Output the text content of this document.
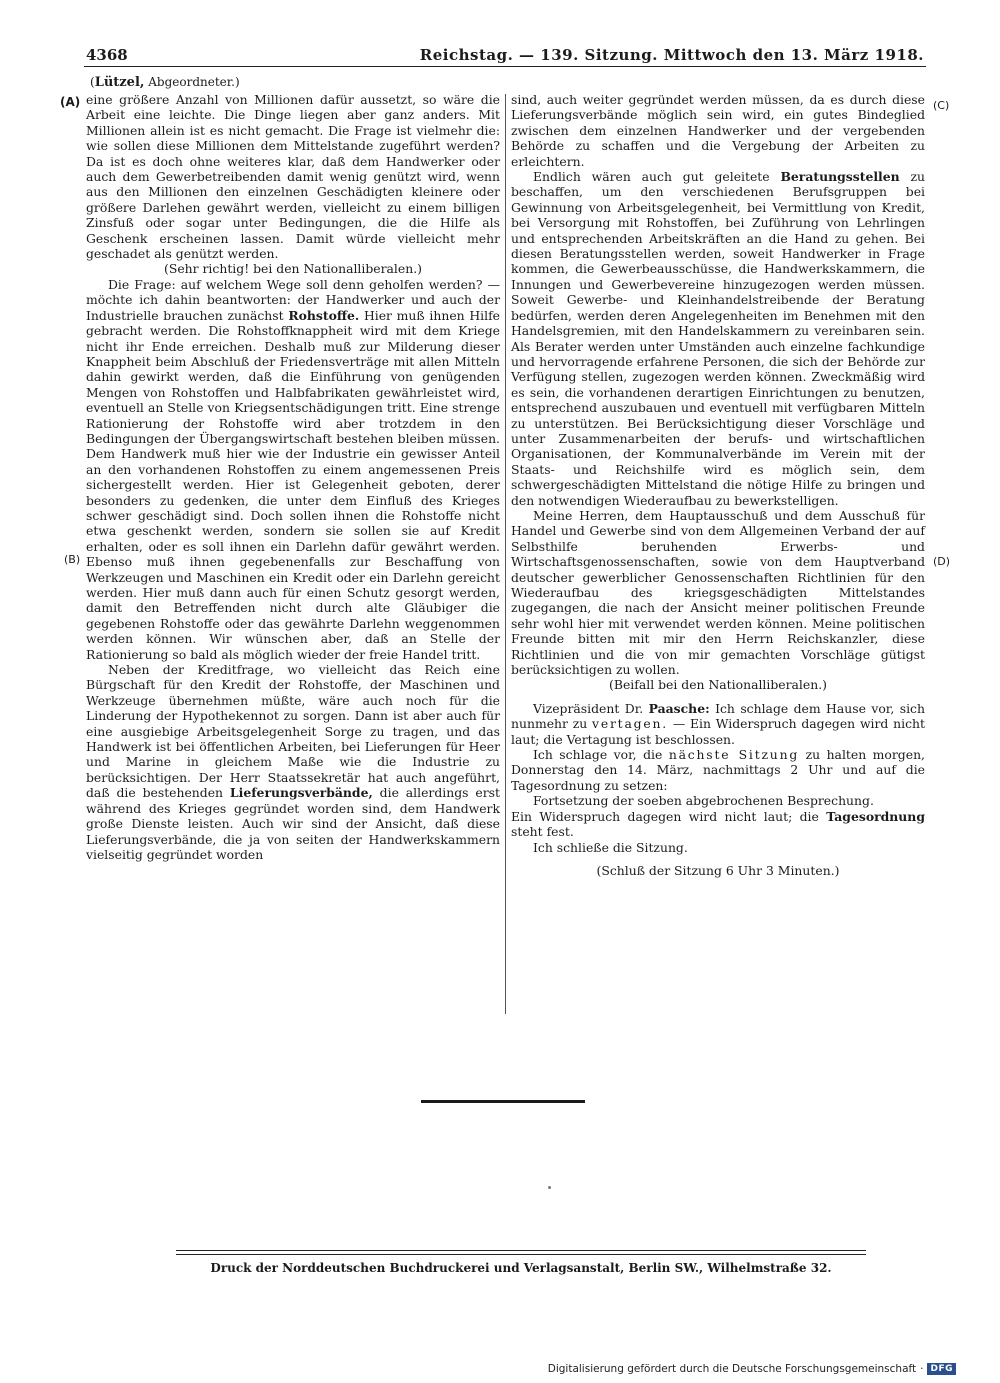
4368	Reichstag. — 139. Sitzung. Mittwoch den 13. März 1918.
(Lützel, Abgeordneter.)
(A)
(B)
(C)
(D)

eine größere Anzahl von Millionen dafür aussetzt, so wäre die Arbeit eine leichte. Die Dinge liegen aber ganz anders. Mit Millionen allein ist es nicht gemacht. Die Frage ist vielmehr die: wie sollen diese Millionen dem Mittelstande zugeführt werden? Da ist es doch ohne weiteres klar, daß dem Handwerker oder auch dem Gewerbetreibenden damit wenig genützt wird, wenn aus den Millionen den einzelnen Geschädigten kleinere oder größere Darlehen gewährt werden, vielleicht zu einem billigen Zinsfuß oder sogar unter Bedingungen, die die Hilfe als Geschenk erscheinen lassen. Damit würde vielleicht mehr geschadet als genützt werden.

(Sehr richtig! bei den Nationalliberalen.)

Die Frage: auf welchem Wege soll denn geholfen werden? — möchte ich dahin beantworten: der Handwerker und auch der Industrielle brauchen zunächst Rohstoffe. Hier muß ihnen Hilfe gebracht werden. Die Rohstoffknappheit wird mit dem Kriege nicht ihr Ende erreichen. Deshalb muß zur Milderung dieser Knappheit beim Abschluß der Friedensverträge mit allen Mitteln dahin gewirkt werden, daß die Einführung von genügenden Mengen von Rohstoffen und Halbfabrikaten gewährleistet wird, eventuell an Stelle von Kriegsentschädigungen tritt. Eine strenge Rationierung der Rohstoffe wird aber trotzdem in den Bedingungen der Übergangswirtschaft bestehen bleiben müssen. Dem Handwerk muß hier wie der Industrie ein gewisser Anteil an den vorhandenen Rohstoffen zu einem angemessenen Preis sichergestellt werden. Hier ist Gelegenheit geboten, derer besonders zu gedenken, die unter dem Einfluß des Krieges schwer geschädigt sind. Doch sollen ihnen die Rohstoffe nicht etwa geschenkt werden, sondern sie sollen sie auf Kredit erhalten, oder es soll ihnen ein Darlehn dafür gewährt werden. Ebenso muß ihnen gegebenenfalls zur Beschaffung von Werkzeugen und Maschinen ein Kredit oder ein Darlehn gereicht werden. Hier muß dann auch für einen Schutz gesorgt werden, damit den Betreffenden nicht durch alte Gläubiger die gegebenen Rohstoffe oder das gewährte Darlehn weggenommen werden können. Wir wünschen aber, daß an Stelle der Rationierung so bald als möglich wieder der freie Handel tritt.

Neben der Kreditfrage, wo vielleicht das Reich eine Bürgschaft für den Kredit der Rohstoffe, der Maschinen und Werkzeuge übernehmen müßte, wäre auch noch für die Linderung der Hypothekennot zu sorgen. Dann ist aber auch für eine ausgiebige Arbeitsgelegenheit Sorge zu tragen, und das Handwerk ist bei öffentlichen Arbeiten, bei Lieferungen für Heer und Marine in gleichem Maße wie die Industrie zu berücksichtigen. Der Herr Staatssekretär hat auch angeführt, daß die bestehenden Lieferungsverbände, die allerdings erst während des Krieges gegründet worden sind, dem Handwerk große Dienste leisten. Auch wir sind der Ansicht, daß diese Lieferungsverbände, die ja von seiten der Handwerkskammern vielseitig gegründet worden

sind, auch weiter gegründet werden müssen, da es durch diese Lieferungsverbände möglich sein wird, ein gutes Bindeglied zwischen dem einzelnen Handwerker und der vergebenden Behörde zu schaffen und die Vergebung der Arbeiten zu erleichtern.

Endlich wären auch gut geleitete Beratungsstellen zu beschaffen, um den verschiedenen Berufsgruppen bei Gewinnung von Arbeitsgelegenheit, bei Vermittlung von Kredit, bei Versorgung mit Rohstoffen, bei Zuführung von Lehrlingen und entsprechenden Arbeitskräften an die Hand zu gehen. Bei diesen Beratungsstellen werden, soweit Handwerker in Frage kommen, die Gewerbeausschüsse, die Handwerkskammern, die Innungen und Gewerbevereine hinzugezogen werden müssen. Soweit Gewerbe- und Kleinhandelstreibende der Beratung bedürfen, werden deren Angelegenheiten im Benehmen mit den Handelsgremien, mit den Handelskammern zu vereinbaren sein. Als Berater werden unter Umständen auch einzelne fachkundige und hervorragende erfahrene Personen, die sich der Behörde zur Verfügung stellen, zugezogen werden können. Zweckmäßig wird es sein, die vorhandenen derartigen Einrichtungen zu benutzen, entsprechend auszubauen und eventuell mit verfügbaren Mitteln zu unterstützen. Bei Berücksichtigung dieser Vorschläge und unter Zusammenarbeiten der berufs- und wirtschaftlichen Organisationen, der Kommunalverbände im Verein mit der Staats- und Reichshilfe wird es möglich sein, dem schwergeschädigten Mittelstand die nötige Hilfe zu bringen und den notwendigen Wiederaufbau zu bewerkstelligen.

Meine Herren, dem Hauptausschuß und dem Ausschuß für Handel und Gewerbe sind von dem Allgemeinen Verband der auf Selbsthilfe beruhenden Erwerbs- und Wirtschaftsgenossenschaften, sowie von dem Hauptverband deutscher gewerblicher Genossenschaften Richtlinien für den Wiederaufbau des kriegsgeschädigten Mittelstandes zugegangen, die nach der Ansicht meiner politischen Freunde sehr wohl hier mit verwendet werden können. Meine politischen Freunde bitten mit mir den Herrn Reichskanzler, diese Richtlinien und die von mir gemachten Vorschläge gütigst berücksichtigen zu wollen.

(Beifall bei den Nationalliberalen.)

Vizepräsident Dr. Paasche: Ich schlage dem Hause vor, sich nunmehr zu vertagen. — Ein Widerspruch dagegen wird nicht laut; die Vertagung ist beschlossen.

Ich schlage vor, die nächste Sitzung zu halten morgen, Donnerstag den 14. März, nachmittags 2 Uhr und auf die Tagesordnung zu setzen:

Fortsetzung der soeben abgebrochenen Besprechung.

Ein Widerspruch dagegen wird nicht laut; die Tagesordnung steht fest.

Ich schließe die Sitzung.

(Schluß der Sitzung 6 Uhr 3 Minuten.)

Druck der Norddeutschen Buchdruckerei und Verlagsanstalt, Berlin SW., Wilhelmstraße 32.
Digitalisierung gefördert durch die Deutsche Forschungsgemeinschaft · DFG
